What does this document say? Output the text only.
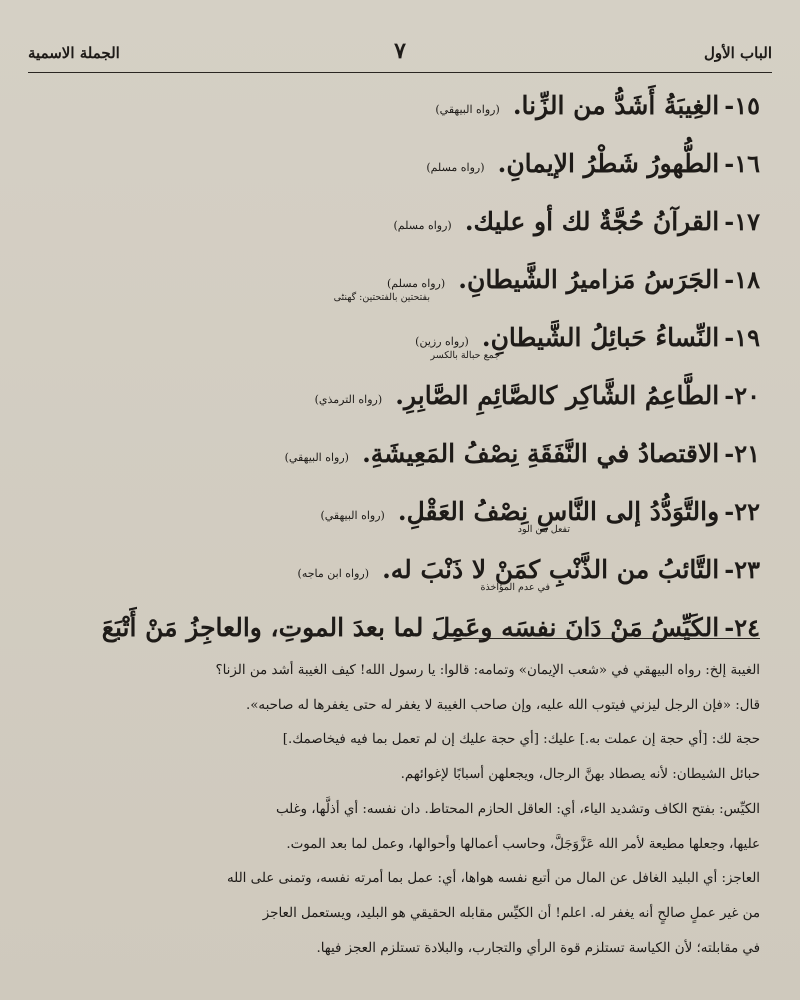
الباب الأول
٧
الجملة الاسمية
١٥- الغِيبَةُ أَشَدُّ من الزِّنا. (رواه البيهقي)
١٦- الطُّهورُ شَطْرُ الإيمانِ. (رواه مسلم)
١٧- القرآنُ حُجَّةٌ لك أو عليك. (رواه مسلم)
١٨- الجَرَسُ مَزاميرُ الشَّيطانِ. (رواه مسلم)
بفتحتين بالفتحتين: گھنٹی
١٩- النِّساءُ حَبائِلُ الشَّيطانِ. (رواه رزين)
جمع حبالة بالكسر
٢٠- الطَّاعِمُ الشَّاكِر كالصَّائِمِ الصَّابِرِ. (رواه الترمذي)
٢١- الاقتصادُ في النَّفَقَةِ نِصْفُ المَعِيشَةِ. (رواه البيهقي)
٢٢- والتَّوَدُّدُ إلى النَّاسِ نِصْفُ العَقْلِ. (رواه البيهقي)
تفعل من الود
٢٣- التَّائبُ من الذَّنْبِ كمَنْ لا ذَنْبَ له. (رواه ابن ماجه)
في عدم المؤاخذة
٢٤- الكَيِّسُ مَنْ دَانَ نفسَه وعَمِلَ لما بعدَ الموتِ، والعاجِزُ مَنْ أَتْبَعَ
الغيبة إلخ: رواه البيهقي في «شعب الإيمان» وتمامه: قالوا: يا رسول الله! كيف الغيبة أشد من الزنا؟
قال: «فإن الرجل ليزني فيتوب الله عليه، وإن صاحب الغيبة لا يغفر له حتى يغفرها له صاحبه».
حجة لك: [أي حجة إن عملت به.] عليك: [أي حجة عليك إن لم تعمل بما فيه فيخاصمك.]
حبائل الشيطان: لأنه يصطاد بهنَّ الرجال، ويجعلهن أسبابًا لإغوائهم.
الكيِّس: بفتح الكاف وتشديد الياء، أي: العاقل الحازم المحتاط. دان نفسه: أي أذلَّها، وغلب
عليها، وجعلها مطيعة لأمر الله عَزَّوَجَلَّ، وحاسب أعمالها وأحوالها، وعمل لما بعد الموت.
العاجز: أي البليد الغافل عن المال من أتبع نفسه هواها، أي: عمل بما أمرته نفسه، وتمنى على الله
من غير عملٍ صالحٍ أنه يغفر له. اعلم! أن الكيِّس مقابله الحقيقي هو البليد، ويستعمل العاجز
في مقابلته؛ لأن الكياسة تستلزم قوة الرأي والتجارب، والبلادة تستلزم العجز فيها.
